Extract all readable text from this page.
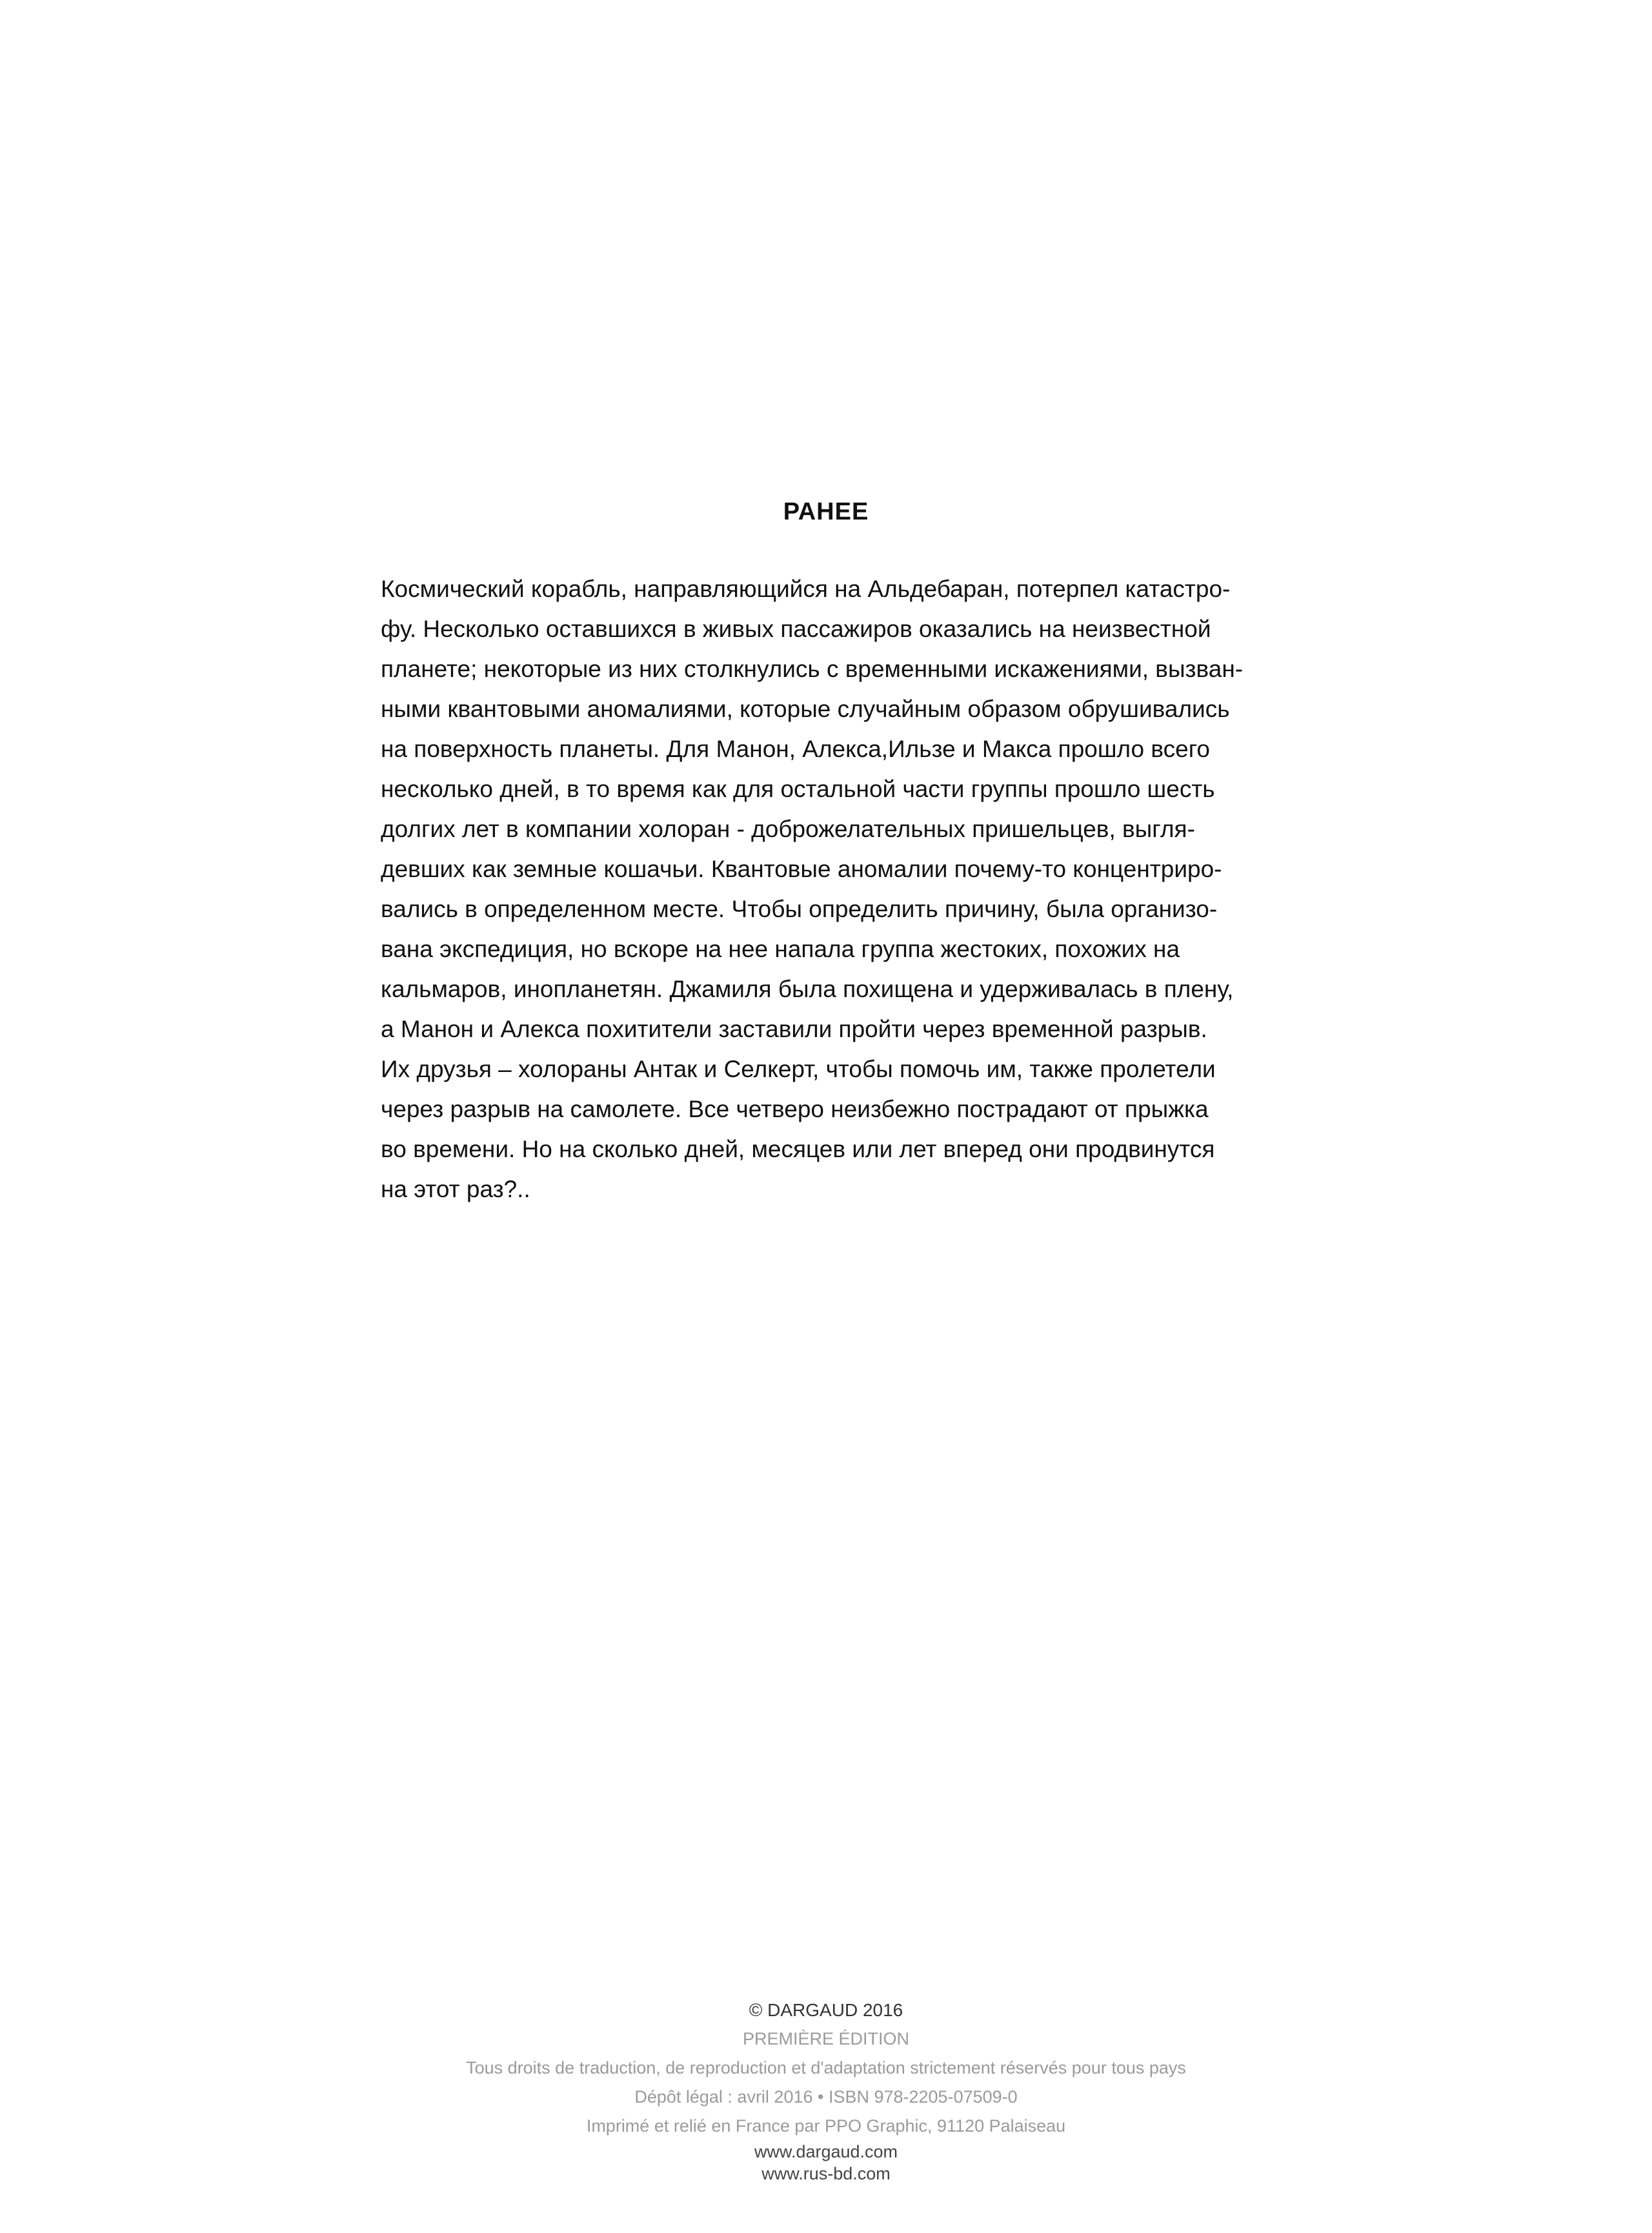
РАНЕЕ
Космический корабль, направляющийся на Альдебаран, потерпел катастро-
фу. Несколько оставшихся в живых пассажиров оказались на неизвестной
планете; некоторые из них столкнулись с временными искажениями, вызван-
ными квантовыми аномалиями, которые случайным образом обрушивались
на поверхность планеты. Для Манон, Алекса,Ильзе и Макса прошло всего
несколько дней, в то время как для остальной части группы прошло шесть
долгих лет в компании холоран - доброжелательных пришельцев, выгля-
девших как земные кошачьи. Квантовые аномалии почему-то концентриро-
вались в определенном месте. Чтобы определить причину, была организо-
вана экспедиция, но вскоре на нее напала группа жестоких, похожих на
кальмаров, инопланетян. Джамиля была похищена и удерживалась в плену,
а Манон и Алекса похитители заставили пройти через временной разрыв.
Их друзья – холораны Антак и Селкерт, чтобы помочь им, также пролетели
через разрыв на самолете. Все четверо неизбежно пострадают от прыжка
во времени. Но на сколько дней, месяцев или лет вперед они продвинутся
на этот раз?..
© DARGAUD 2016
PREMIÈRE ÉDITION
Tous droits de traduction, de reproduction et d'adaptation strictement réservés pour tous pays
Dépôt légal : avril 2016 • ISBN 978-2205-07509-0
Imprimé et relié en France par PPO Graphic, 91120 Palaiseau
www.dargaud.com
www.rus-bd.com
